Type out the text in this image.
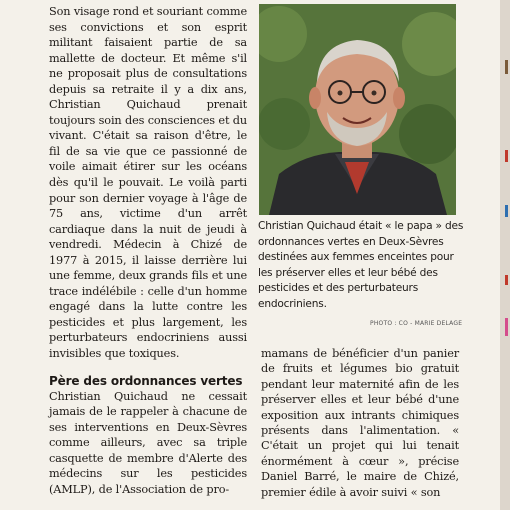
Son visage rond et souriant comme ses convictions et son esprit militant faisaient partie de sa mallette de docteur. Et même s'il ne proposait plus de consultations depuis sa retraite il y a dix ans, Christian Quichaud prenait toujours soin des consciences et du vivant. C'était sa raison d'être, le fil de sa vie que ce passionné de voile aimait étirer sur les océans dès qu'il le pouvait. Le voilà parti pour son dernier voyage à l'âge de 75 ans, victime d'un arrêt cardiaque dans la nuit de jeudi à vendredi. Médecin à Chizé de 1977 à 2015, il laisse derrière lui une femme, deux grands fils et une trace indélébile : celle d'un homme engagé dans la lutte contre les pesticides et plus largement, les perturbateurs endocriniens aussi invisibles que toxiques.

Père des ordonnances vertes

Christian Quichaud ne cessait jamais de le rappeler à chacune de ses interventions en Deux-Sèvres comme ailleurs, avec sa triple casquette de membre d'Alerte des médecins sur les pesticides (AMLP), de l'Association de pro-

Christian Quichaud était « le papa » des ordonnances vertes en Deux-Sèvres destinées aux femmes enceintes pour les préserver elles et leur bébé des pesticides et des perturbateurs endocriniens.
PHOTO : CO - MARIE DELAGE

mamans de bénéficier d'un panier de fruits et légumes bio gratuit pendant leur maternité afin de les préserver elles et leur bébé d'une exposition aux intrants chimiques présents dans l'alimentation. « C'était un projet qui lui tenait énormément à cœur », précise Daniel Barré, le maire de Chizé, premier édile à avoir suivi « son
